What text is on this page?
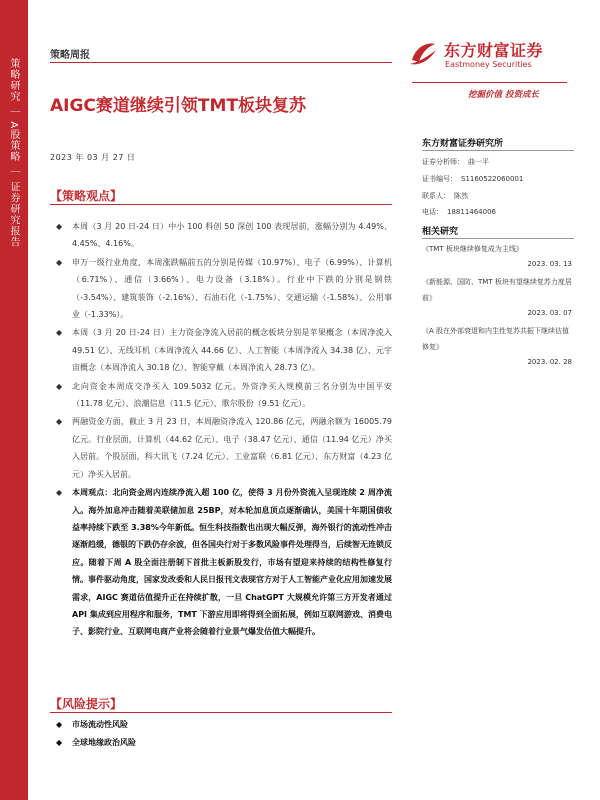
策略研究 ｜ A股策略 ｜ 证券研究报告
策略周报
AIGC赛道继续引领TMT板块复苏
2023 年 03 月 27 日
东方财富证券
Eastmoney Securities
挖掘价值 投资成长
【策略观点】
◆ 本周（3 月 20 日-24 日）中小 100 科创 50 深创 100 表现居前，涨幅分别为 4.49%、4.45%、4.16%。
◆ 申万一级行业角度，本周涨跌幅前五的分别是传媒（10.97%）、电子（6.99%）、计算机（6.71%）、通信（3.66%）、电力设备（3.18%）。行业中下跌的分别是钢铁（-3.54%）、建筑装饰（-2.16%）、石油石化（-1.75%）、交通运输（-1.58%）、公用事业（-1.33%）。
◆ 本周（3 月 20 日-24 日）主力资金净流入居前的概念板块分别是苹果概念（本周净流入 49.51 亿）、无线耳机（本周净流入 44.66 亿）、人工智能（本周净流入 34.38 亿）、元宇宙概念（本周净流入 30.18 亿）、智能穿戴（本周净流入 28.73 亿）。
◆ 北向资金本周成交净买入 109.5032 亿元。外资净买入规模前三名分别为中国平安（11.78 亿元）、浪潮信息（11.5 亿元）、歌尔股份（9.51 亿元）。
◆ 两融资金方面，截止 3 月 23 日，本周融资净流入 120.86 亿元，两融余额为 16005.79 亿元。行业层面，计算机（44.62 亿元）、电子（38.47 亿元）、通信（11.94 亿元）净买入居前。个股层面，科大讯飞（7.24 亿元）、工业富联（6.81 亿元）、东方财富（4.23 亿元）净买入居前。
◆ 本周观点：北向资金周内连续净流入超 100 亿，使得 3 月份外资流入呈现连续 2 周净流入。海外加息冲击随着美联储加息 25BP，对本轮加息顶点逐渐确认，美国十年期国债收益率持续下跌至 3.38%今年新低。恒生科技指数也出现大幅反弹，海外银行的流动性冲击逐渐趋缓，德银的下跌仍存余波，但各国央行对于多数风险事件处理得当，后续智无连锁反应。随着下周 A 股全面注册制下首批主板新股发行，市场有望迎来持续的结构性修复行情。事件驱动角度，国家发改委和人民日报刊文表现官方对于人工智能产业化应用加速发展需求，AIGC 赛道估值提升正在持续扩散，一旦 ChatGPT 大规模允许第三方开发者通过 API 集成到应用程序和服务，TMT 下游应用即将得到全面拓展，例如互联网游戏、消费电子、影院行业、互联网电商产业将会随着行业景气爆发估值大幅提升。
【风险提示】
◆ 市场流动性风险
◆ 全球地缘政治风险
东方财富证券研究所
证券分析师： 曲一平
证书编号： S1160522060001
联系人： 陈然
电话： 18811464006
相关研究
《TMT 板块继续修复成为主线》
2023. 03. 13
《新能源、国防、TMT 板块有望继续复苏力度居前》
2023. 03. 07
《A 股在外部衰退和内生性复苏共振下继续估值修复》
2023. 02. 28
